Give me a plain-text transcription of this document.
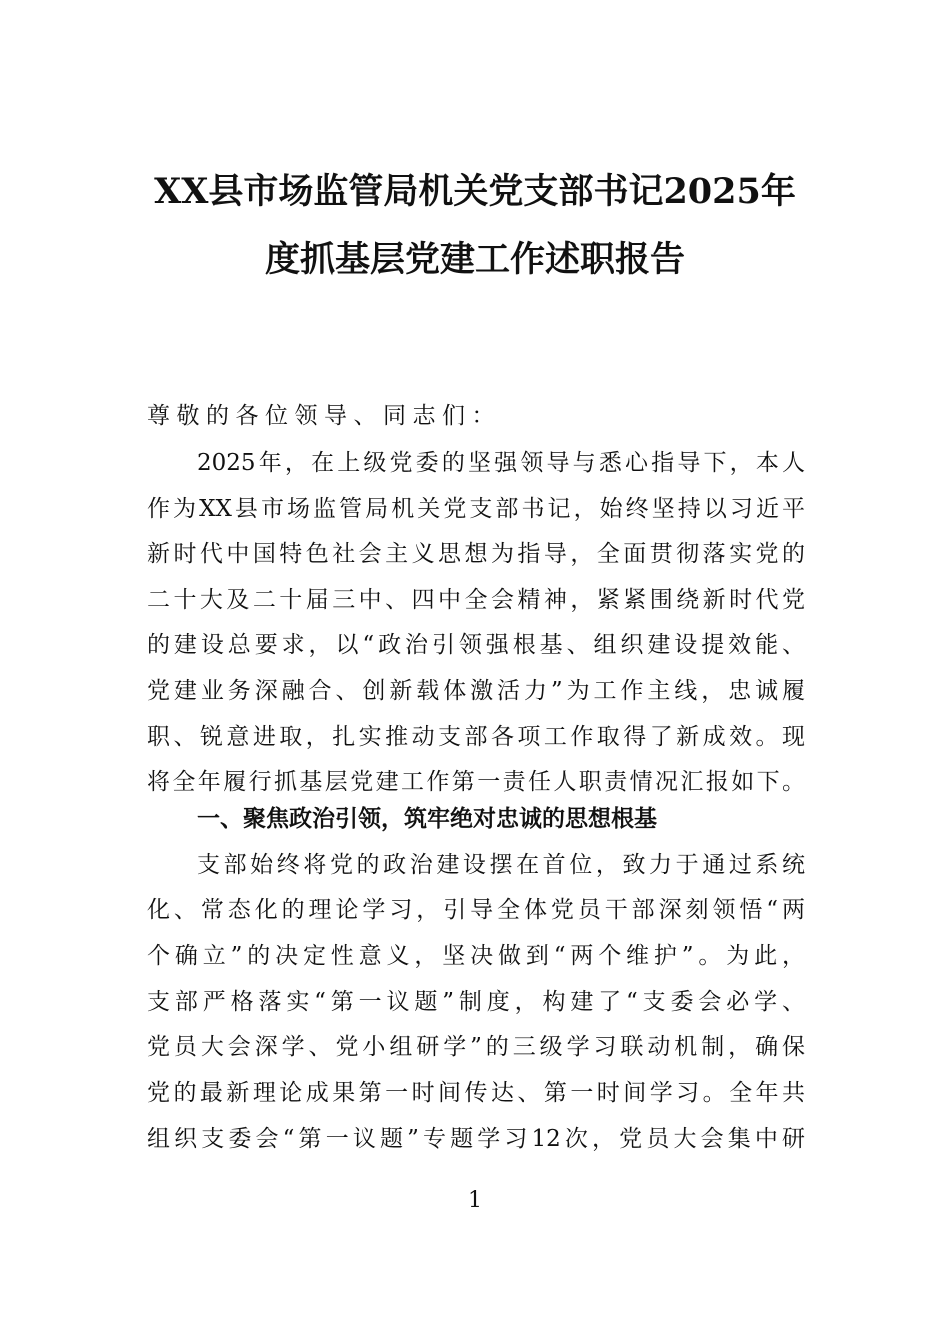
XX县市场监管局机关党支部书记2025年
度抓基层党建工作述职报告
尊敬的各位领导、同志们：
2025年，在上级党委的坚强领导与悉心指导下，本人
作为XX县市场监管局机关党支部书记，始终坚持以习近平
新时代中国特色社会主义思想为指导，全面贯彻落实党的
二十大及二十届三中、四中全会精神，紧紧围绕新时代党
的建设总要求，以“政治引领强根基、组织建设提效能、
党建业务深融合、创新载体激活力”为工作主线，忠诚履
职、锐意进取，扎实推动支部各项工作取得了新成效。现
将全年履行抓基层党建工作第一责任人职责情况汇报如下。
一、聚焦政治引领，筑牢绝对忠诚的思想根基
支部始终将党的政治建设摆在首位，致力于通过系统
化、常态化的理论学习，引导全体党员干部深刻领悟“两
个确立”的决定性意义，坚决做到“两个维护”。为此，
支部严格落实“第一议题”制度，构建了“支委会必学、
党员大会深学、党小组研学”的三级学习联动机制，确保
党的最新理论成果第一时间传达、第一时间学习。全年共
组织支委会“第一议题”专题学习12次，党员大会集中研
1
